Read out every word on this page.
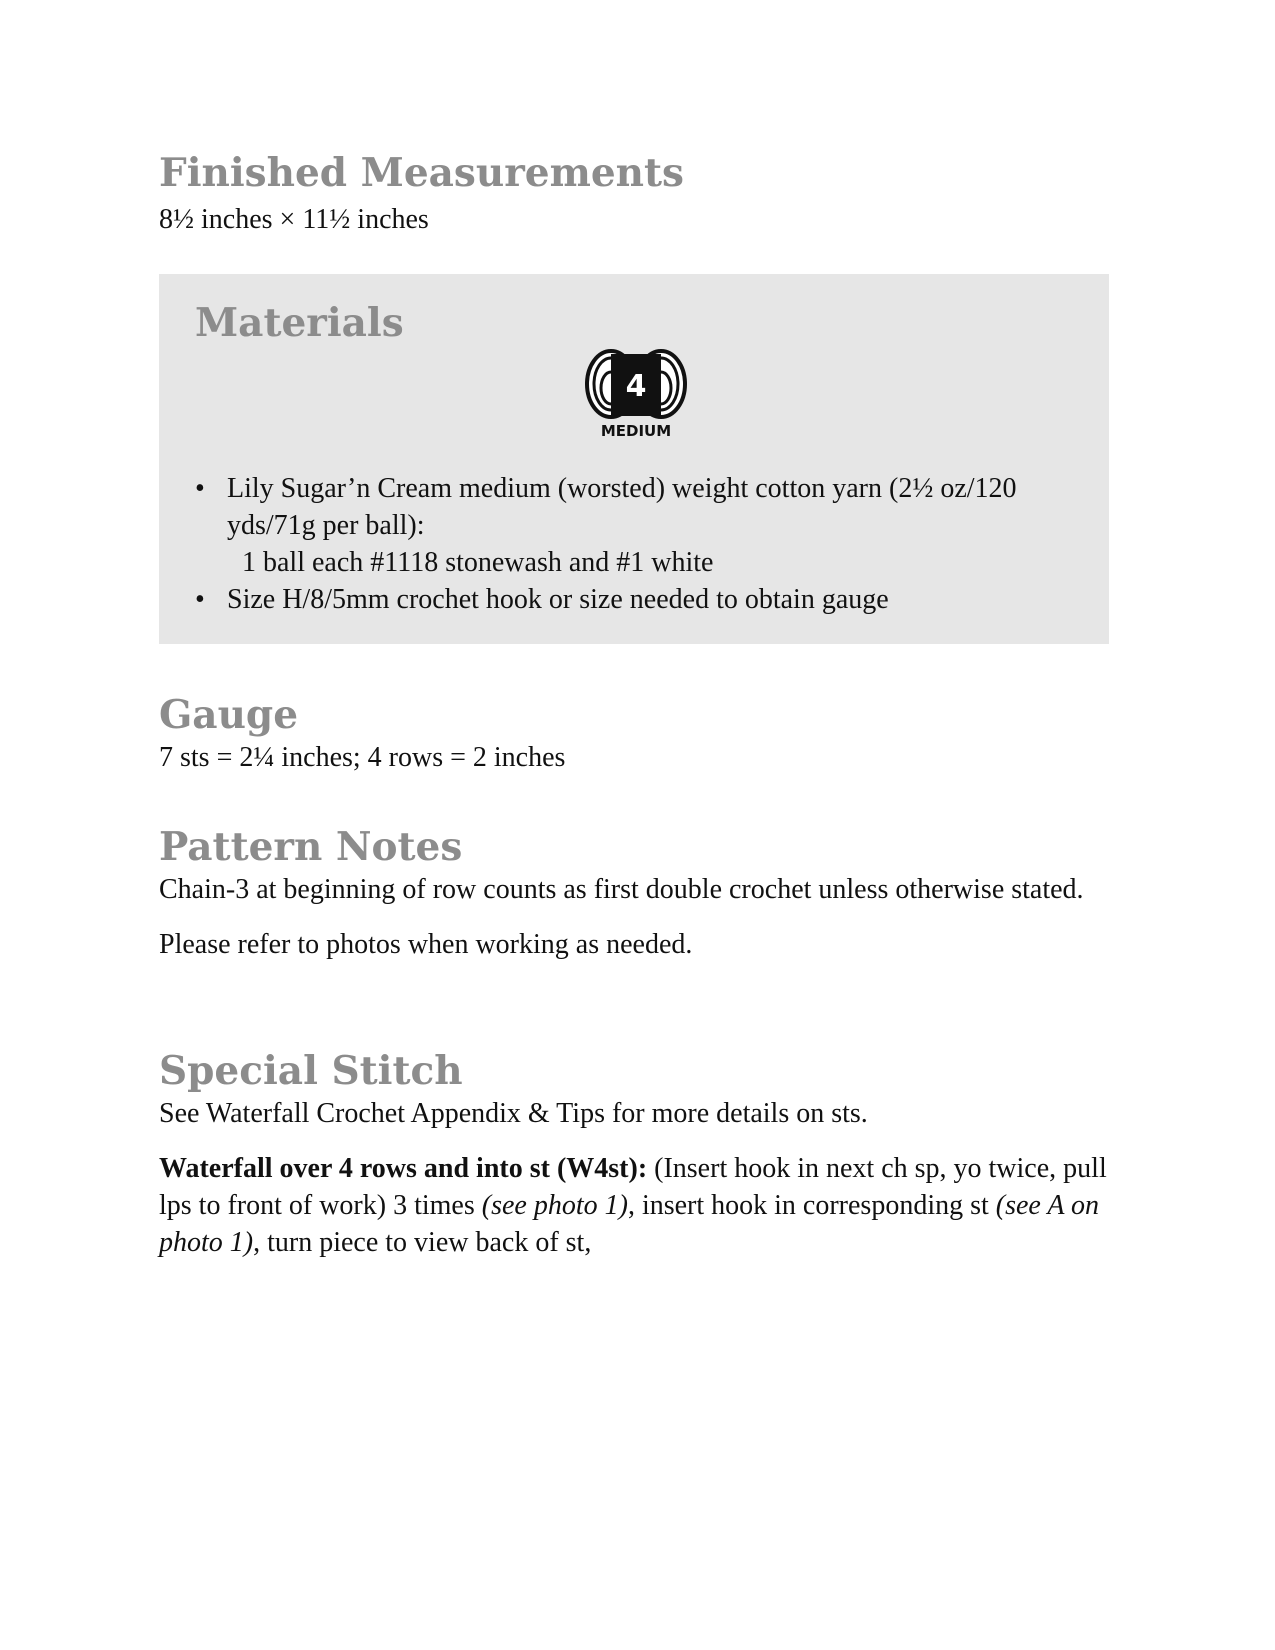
Finished Measurements

8½ inches × 11½ inches

Materials
4
MEDIUM
• Lily Sugar’n Cream medium (worsted) weight cotton yarn (2½ oz/120 yds/71g per ball):
1 ball each #1118 stonewash and #1 white
• Size H/8/5mm crochet hook or size needed to obtain gauge
Gauge

7 sts = 2¼ inches; 4 rows = 2 inches

Pattern Notes

Chain-3 at beginning of row counts as first double crochet unless otherwise stated.

Please refer to photos when working as needed.

Special Stitch

See Waterfall Crochet Appendix & Tips for more details on sts.

Waterfall over 4 rows and into st (W4st): (Insert hook in next ch sp, yo twice, pull lps to front of work) 3 times (see photo 1), insert hook in corresponding st (see A on photo 1), turn piece to view back of st,
